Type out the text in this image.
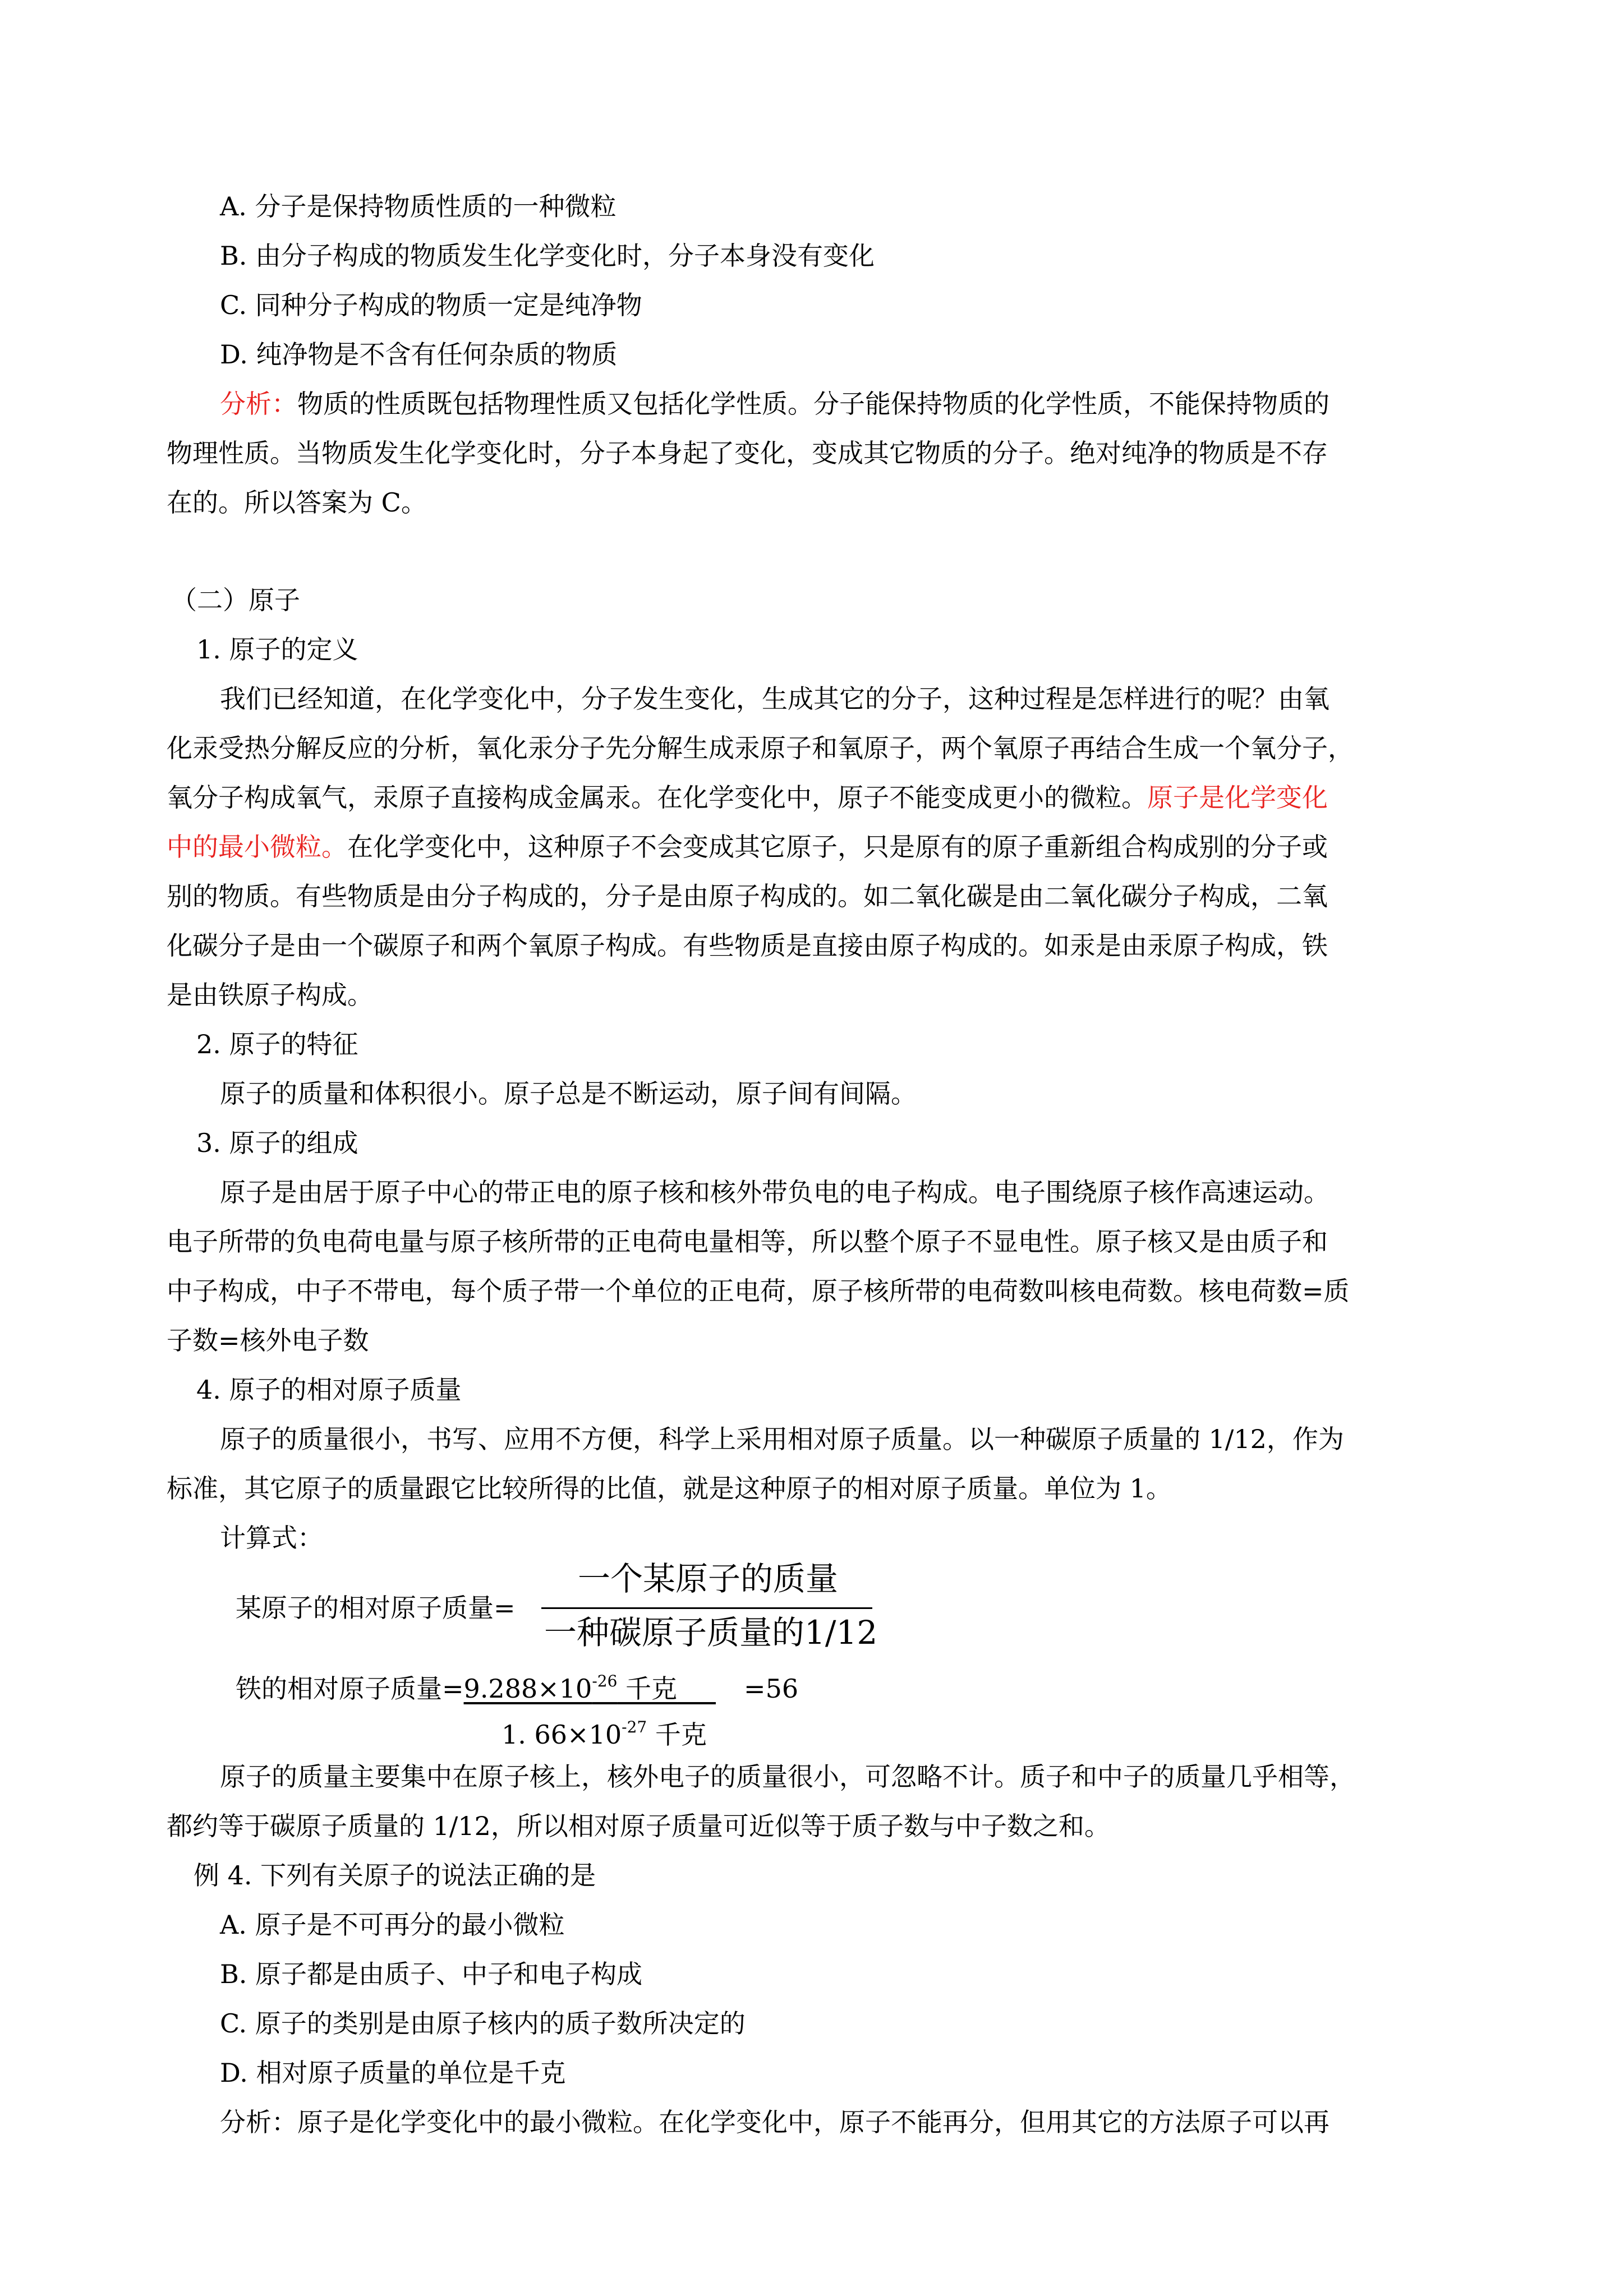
A. 分子是保持物质性质的一种微粒
B. 由分子构成的物质发生化学变化时，分子本身没有变化
C. 同种分子构成的物质一定是纯净物
D. 纯净物是不含有任何杂质的物质
分析：物质的性质既包括物理性质又包括化学性质。分子能保持物质的化学性质，不能保持物质的
物理性质。当物质发生化学变化时，分子本身起了变化，变成其它物质的分子。绝对纯净的物质是不存
在的。所以答案为 C。
（二）原子
1. 原子的定义
我们已经知道，在化学变化中，分子发生变化，生成其它的分子，这种过程是怎样进行的呢？由氧
化汞受热分解反应的分析，氧化汞分子先分解生成汞原子和氧原子，两个氧原子再结合生成一个氧分子，
氧分子构成氧气，汞原子直接构成金属汞。在化学变化中，原子不能变成更小的微粒。原子是化学变化
中的最小微粒。在化学变化中，这种原子不会变成其它原子，只是原有的原子重新组合构成别的分子或
别的物质。有些物质是由分子构成的，分子是由原子构成的。如二氧化碳是由二氧化碳分子构成，二氧
化碳分子是由一个碳原子和两个氧原子构成。有些物质是直接由原子构成的。如汞是由汞原子构成，铁
是由铁原子构成。
2. 原子的特征
原子的质量和体积很小。原子总是不断运动，原子间有间隔。
3. 原子的组成
原子是由居于原子中心的带正电的原子核和核外带负电的电子构成。电子围绕原子核作高速运动。
电子所带的负电荷电量与原子核所带的正电荷电量相等，所以整个原子不显电性。原子核又是由质子和
中子构成，中子不带电，每个质子带一个单位的正电荷，原子核所带的电荷数叫核电荷数。核电荷数=质
子数=核外电子数
4. 原子的相对原子质量
原子的质量很小，书写、应用不方便，科学上采用相对原子质量。以一种碳原子质量的 1/12，作为
标准，其它原子的质量跟它比较所得的比值，就是这种原子的相对原子质量。单位为 1。
计算式：
某原子的相对原子质量=
一个某原子的质量
一种碳原子质量的1/12
铁的相对原子质量$=9.288\times 10^{-26}$ 千克   	=56
1. $66\times 10^{-27}$ 千克
原子的质量主要集中在原子核上，核外电子的质量很小，可忽略不计。质子和中子的质量几乎相等，
都约等于碳原子质量的 1/12，所以相对原子质量可近似等于质子数与中子数之和。
例 4. 下列有关原子的说法正确的是
A. 原子是不可再分的最小微粒
B. 原子都是由质子、中子和电子构成
C. 原子的类别是由原子核内的质子数所决定的
D. 相对原子质量的单位是千克
分析：原子是化学变化中的最小微粒。在化学变化中，原子不能再分，但用其它的方法原子可以再
